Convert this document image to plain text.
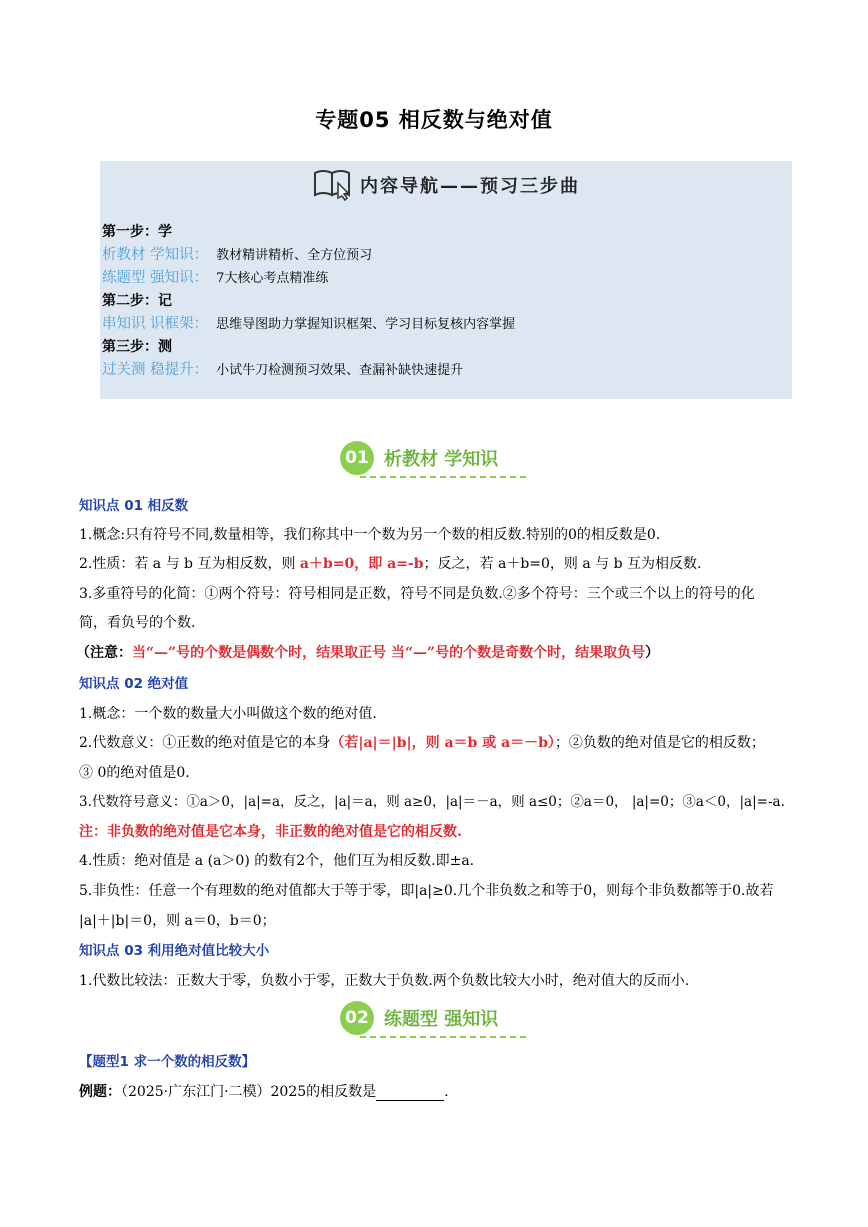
专题05 相反数与绝对值
内容导航——预习三步曲
第一步：学
析教材 学知识： 教材精讲精析、全方位预习
练题型 强知识： 7大核心考点精准练
第二步：记
串知识 识框架： 思维导图助力掌握知识框架、学习目标复核内容掌握
第三步：测
过关测 稳提升： 小试牛刀检测预习效果、查漏补缺快速提升
01 析教材 学知识
知识点 01 相反数
1.概念:只有符号不同,数量相等，我们称其中一个数为另一个数的相反数.特别的0的相反数是0.
2.性质：若 a 与 b 互为相反数，则 a＋b=0，即 a=-b；反之，若 a＋b=0，则 a 与 b 互为相反数.
3.多重符号的化简：①两个符号：符号相同是正数，符号不同是负数.②多个符号：三个或三个以上的符号的化
简，看负号的个数.
（注意：当“—”号的个数是偶数个时，结果取正号 当“—”号的个数是奇数个时，结果取负号）
知识点 02 绝对值
1.概念：一个数的数量大小叫做这个数的绝对值.
2.代数意义：①正数的绝对值是它的本身（若|a|＝|b|，则 a＝b 或 a＝－b）；②负数的绝对值是它的相反数；
③ 0的绝对值是0.
3.代数符号意义：①a＞0，|a|=a，反之，|a|＝a，则 a≥0，|a|＝－a，则 a≤0；②a＝0， |a|=0；③a＜0，|a|=-a.
注：非负数的绝对值是它本身，非正数的绝对值是它的相反数.
4.性质：绝对值是 a (a＞0) 的数有2个，他们互为相反数.即±a.
5.非负性：任意一个有理数的绝对值都大于等于零，即|a|≥0.几个非负数之和等于0，则每个非负数都等于0.故若
|a|＋|b|＝0，则 a＝0，b＝0；
知识点 03 利用绝对值比较大小
1.代数比较法：正数大于零，负数小于零，正数大于负数.两个负数比较大小时，绝对值大的反而小.
02 练题型 强知识
【题型1 求一个数的相反数】
例题：（2025·广东江门·二模）2025的相反数是	.
